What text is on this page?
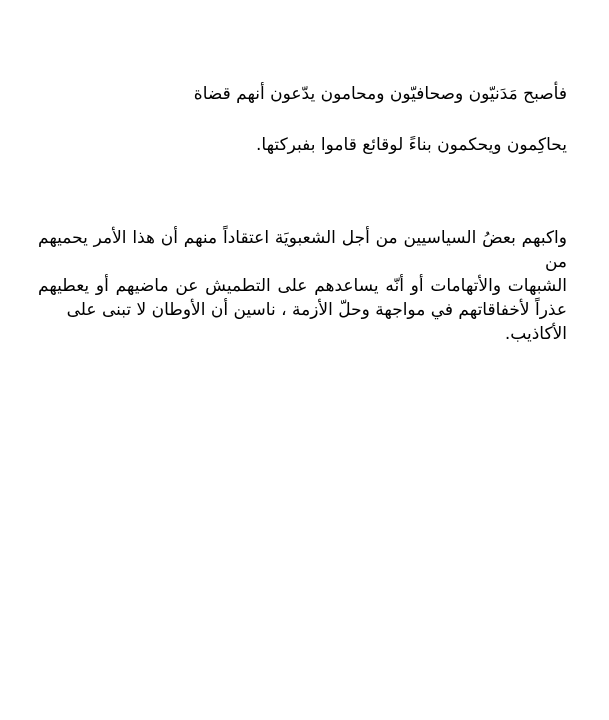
فأصبح مَدَنيّون وصحافيّون ومحامون يدّعون أنهم قضاة

يحاكِمون ويحكمون بناءً لوقائع قاموا بفبركتها.

واكبهم بعضُ السياسيين من أجل الشعبويَة اعتقاداً منهم أن هذا الأمر يحميهم من
الشبهات والأتهامات أو أنّه يساعدهم على التطميش عن ماضيهم أو يعطيهم
عذراً لأخفاقاتهم في مواجهة وحلّ الأزمة ، ناسين أن الأوطان لا تبنى على الأكاذيب.
